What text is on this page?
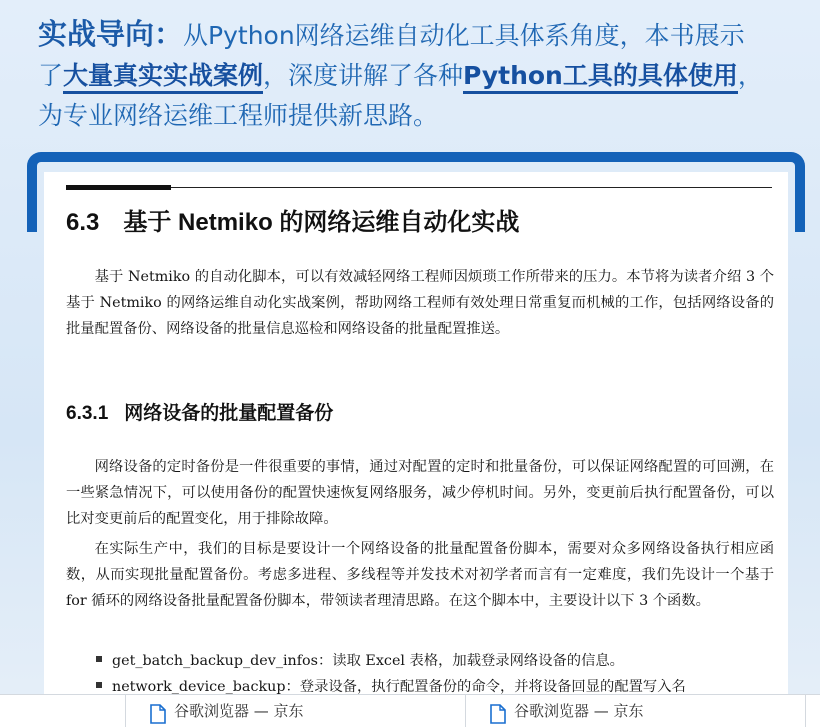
实战导向：从Python网络运维自动化工具体系角度，本书展示
了大量真实实战案例，深度讲解了各种Python工具的具体使用，
为专业网络运维工程师提供新思路。
6.3 基于 Netmiko 的网络运维自动化实战
基于 Netmiko 的自动化脚本，可以有效减轻网络工程师因烦琐工作所带来的压力。本节将为读者介绍 3 个基于 Netmiko 的网络运维自动化实战案例，帮助网络工程师有效处理日常重复而机械的工作，包括网络设备的批量配置备份、网络设备的批量信息巡检和网络设备的批量配置推送。
6.3.1 网络设备的批量配置备份
网络设备的定时备份是一件很重要的事情，通过对配置的定时和批量备份，可以保证网络配置的可回溯，在一些紧急情况下，可以使用备份的配置快速恢复网络服务，减少停机时间。另外，变更前后执行配置备份，可以比对变更前后的配置变化，用于排除故障。
在实际生产中，我们的目标是要设计一个网络设备的批量配置备份脚本，需要对众多网络设备执行相应函数，从而实现批量配置备份。考虑多进程、多线程等并发技术对初学者而言有一定难度，我们先设计一个基于 for 循环的网络设备批量配置备份脚本，带领读者理清思路。在这个脚本中，主要设计以下 3 个函数。
get_batch_backup_dev_infos：读取 Excel 表格，加载登录网络设备的信息。
network_device_backup：登录设备，执行配置备份的命令，并将设备回显的配置写入名
谷歌浏览器 — 京东	谷歌浏览器 — 京东
